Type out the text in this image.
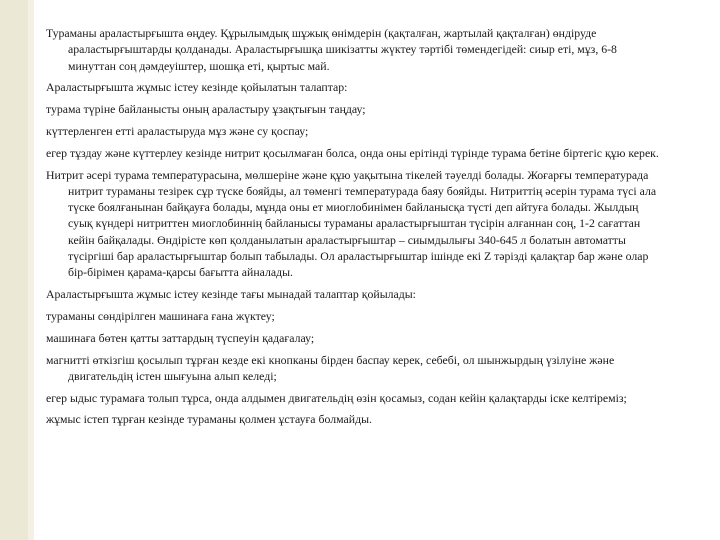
Тураманы араластырғышта өңдеу. Құрылымдық шұжық өнімдерін (қақталған, жартылай қақталған) өндіруде араластырғыштарды қолданады. Араластырғышқа шикізатты жүктеу тәртібі төмендегідей: сиыр еті, мұз, 6-8 минуттан соң дәмдеуіштер, шошқа еті, қыртыс май.

Араластырғышта жұмыс істеу кезінде қойылатын талаптар:

турама түріне байланысты оның араластыру ұзақтығын таңдау;

күттерленген етті араластыруда мұз және су қоспау;

егер тұздау және күттерлеу кезінде нитрит қосылмаған болса, онда оны ерітінді түрінде турама бетіне біртегіс құю керек.

Нитрит әсері турама температурасына, мөлшеріне және құю уақытына тікелей тәуелді болады. Жоғарғы температурада нитрит тураманы тезірек сұр түске бояйды, ал төменгі температурада баяу бояйды. Нитриттің әсерін турама түсі ала түске боялғанынан байқауға болады, мұнда оны ет миоглобинімен байланысқа түсті деп айтуға болады. Жылдың суық күндері нитриттен миоглобиннің байланысы тураманы араластырғыштан түсірін алғаннан соң, 1-2 сағаттан кейін байқалады. Өндірісте көп қолданылатын араластырғыштар – сиымдылығы 340-645 л болатын автоматты түсіргіші бар араластырғыштар болып табылады. Ол араластырғыштар ішінде екі Z тәрізді қалақтар бар және олар бір-бірімен қарама-қарсы бағытта айналады.

Араластырғышта жұмыс істеу кезінде тағы мынадай талаптар қойылады:

тураманы сөндірілген машинаға ғана жүктеу;

машинаға бөтен қатты заттардың түспеуін қадағалау;

магнитті өткізгіш қосылып тұрған кезде екі кнопканы бірден баспау керек, себебі, ол шынжырдың үзілуіне және двигательдің істен шығуына алып келеді;

егер ыдыс турамаға толып тұрса, онда алдымен двигательдің өзін қосамыз, содан кейін қалақтарды іске келтіреміз;

жұмыс істеп тұрған кезінде тураманы қолмен ұстауға болмайды.
